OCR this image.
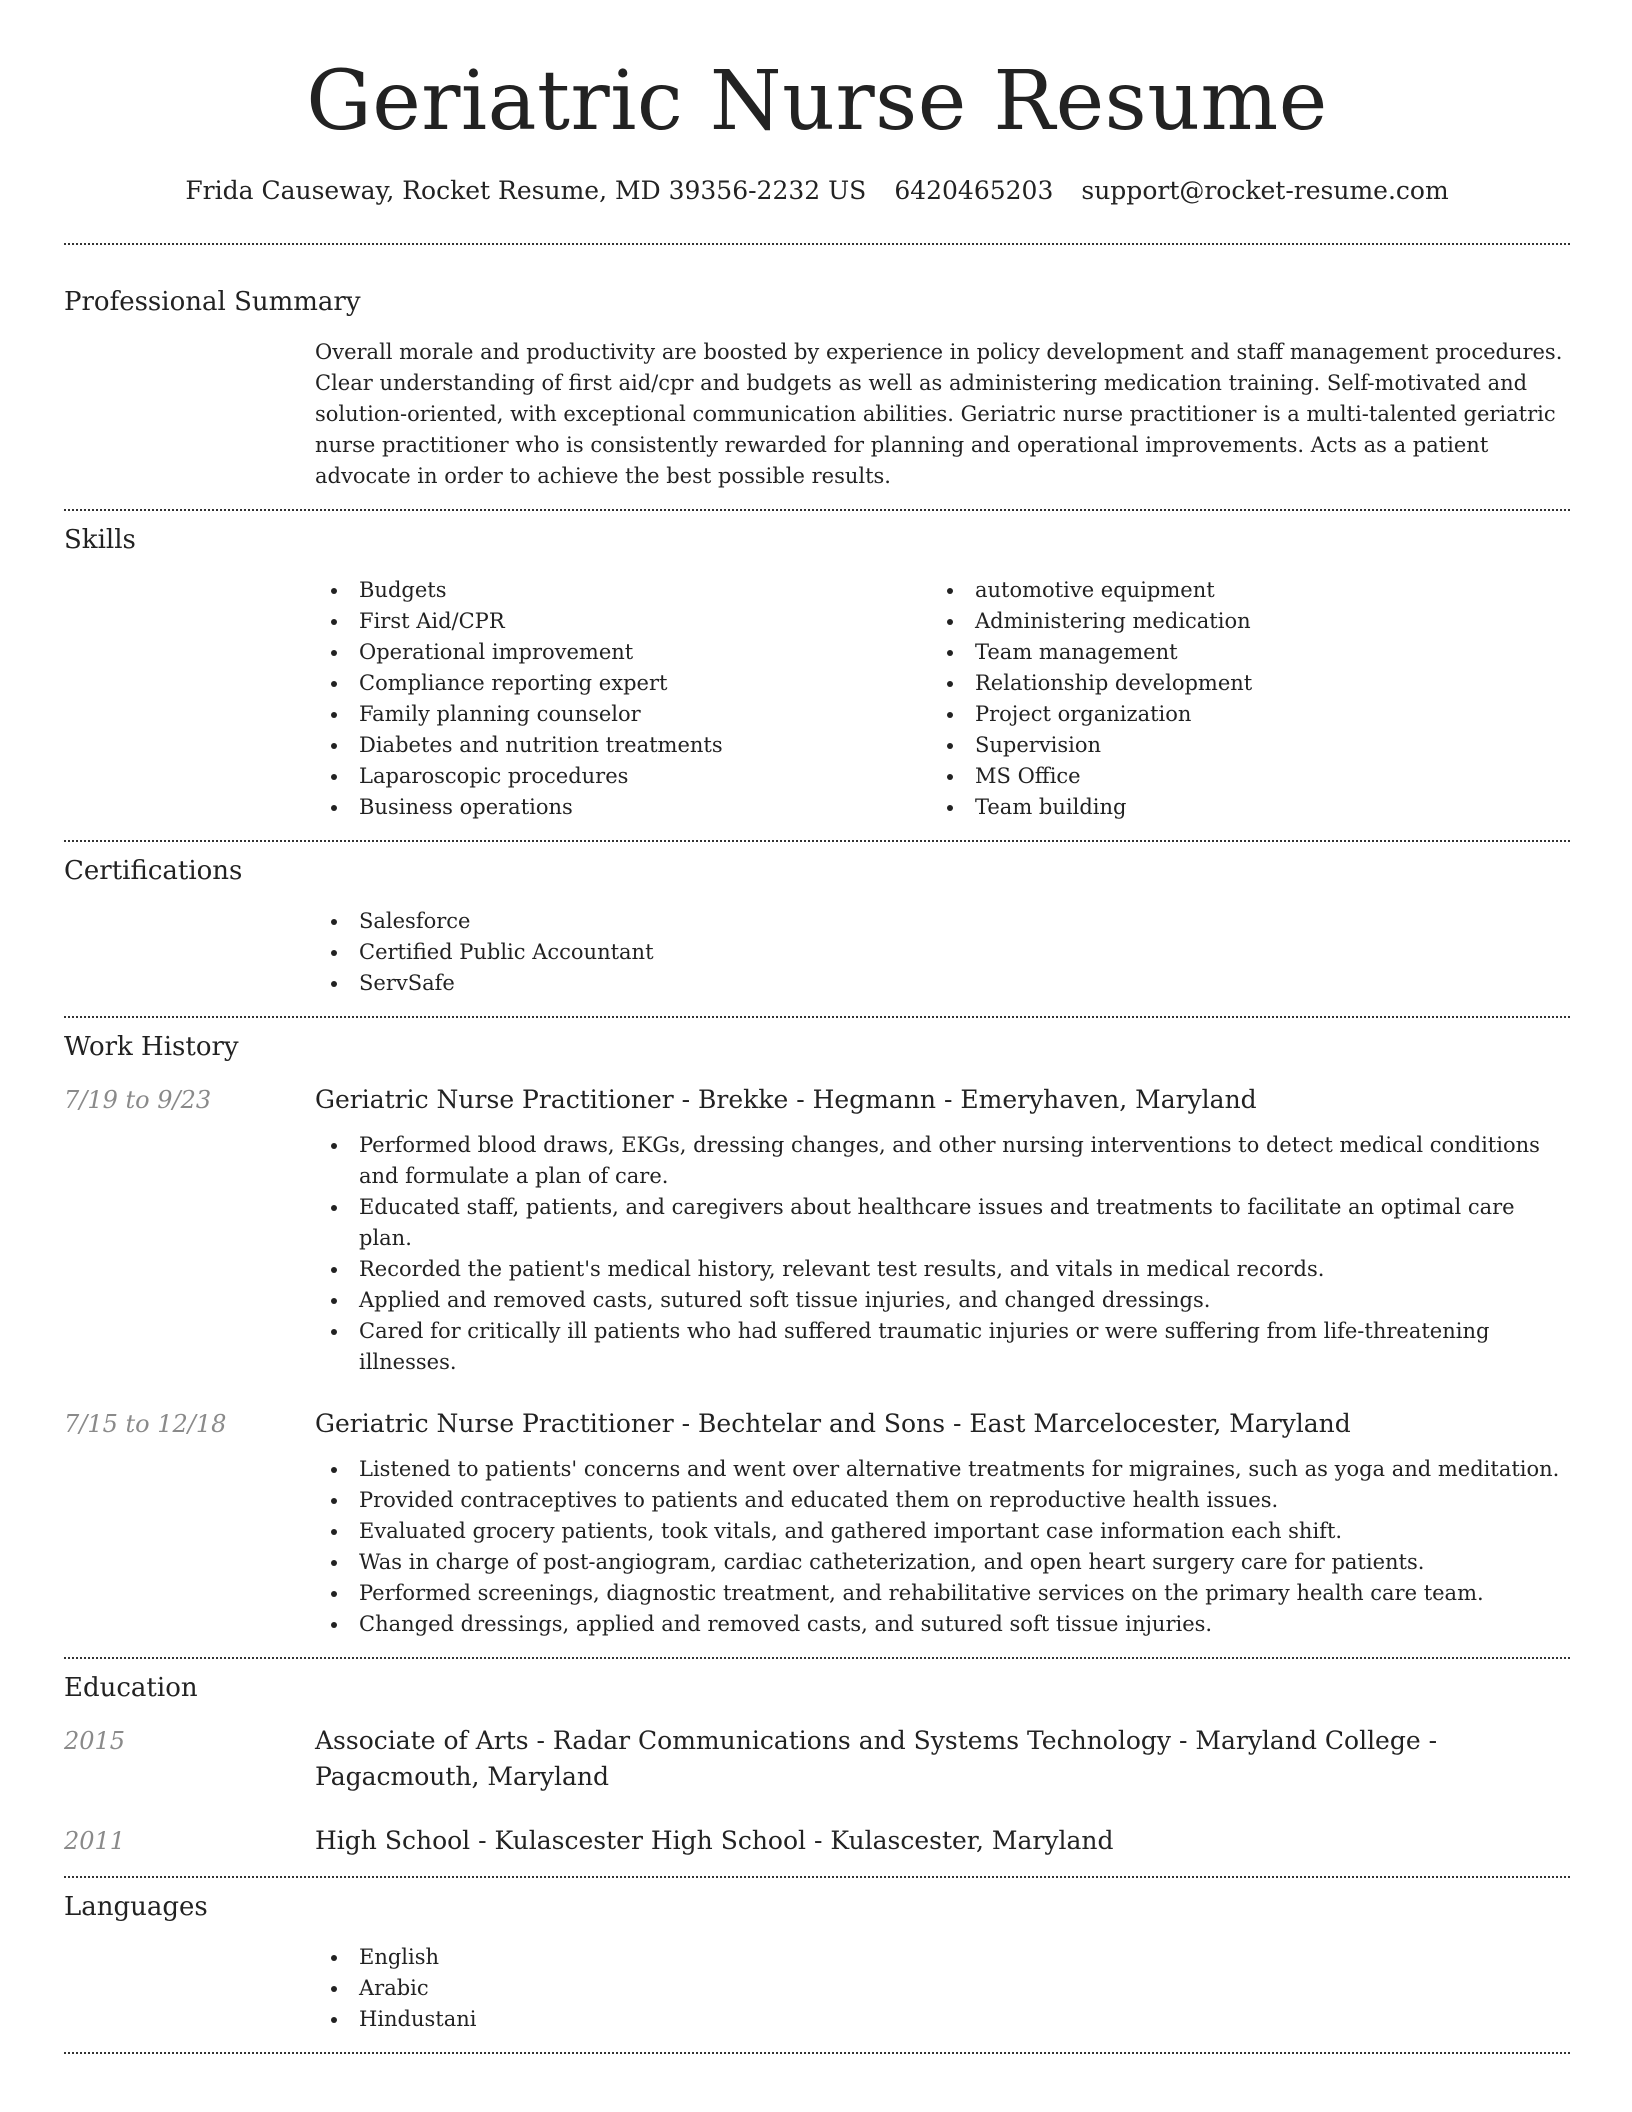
Geriatric Nurse Resume
Frida Causeway, Rocket Resume, MD 39356-2232 US 6420465203 support@rocket-resume.com
Professional Summary

Overall morale and productivity are boosted by experience in policy development and staff management procedures. Clear understanding of first aid/cpr and budgets as well as administering medication training. Self-motivated and solution-oriented, with exceptional communication abilities. Geriatric nurse practitioner is a multi-talented geriatric nurse practitioner who is consistently rewarded for planning and operational improvements. Acts as a patient advocate in order to achieve the best possible results.

Skills
Budgets
First Aid/CPR
Operational improvement
Compliance reporting expert
Family planning counselor
Diabetes and nutrition treatments
Laparoscopic procedures
Business operations
automotive equipment
Administering medication
Team management
Relationship development
Project organization
Supervision
MS Office
Team building
Certifications
Salesforce
Certified Public Accountant
ServSafe
Work History
7/19 to 9/23	Geriatric Nurse Practitioner - Brekke - Hegmann - Emeryhaven, Maryland
Performed blood draws, EKGs, dressing changes, and other nursing interventions to detect medical conditions and formulate a plan of care.
Educated staff, patients, and caregivers about healthcare issues and treatments to facilitate an optimal care plan.
Recorded the patient's medical history, relevant test results, and vitals in medical records.
Applied and removed casts, sutured soft tissue injuries, and changed dressings.
Cared for critically ill patients who had suffered traumatic injuries or were suffering from life-threatening illnesses.
7/15 to 12/18	Geriatric Nurse Practitioner - Bechtelar and Sons - East Marcelocester, Maryland
Listened to patients' concerns and went over alternative treatments for migraines, such as yoga and meditation.
Provided contraceptives to patients and educated them on reproductive health issues.
Evaluated grocery patients, took vitals, and gathered important case information each shift.
Was in charge of post-angiogram, cardiac catheterization, and open heart surgery care for patients.
Performed screenings, diagnostic treatment, and rehabilitative services on the primary health care team.
Changed dressings, applied and removed casts, and sutured soft tissue injuries.
Education
2015	Associate of Arts - Radar Communications and Systems Technology - Maryland College - Pagacmouth, Maryland
2011	High School - Kulascester High School - Kulascester, Maryland
Languages
English
Arabic
Hindustani
